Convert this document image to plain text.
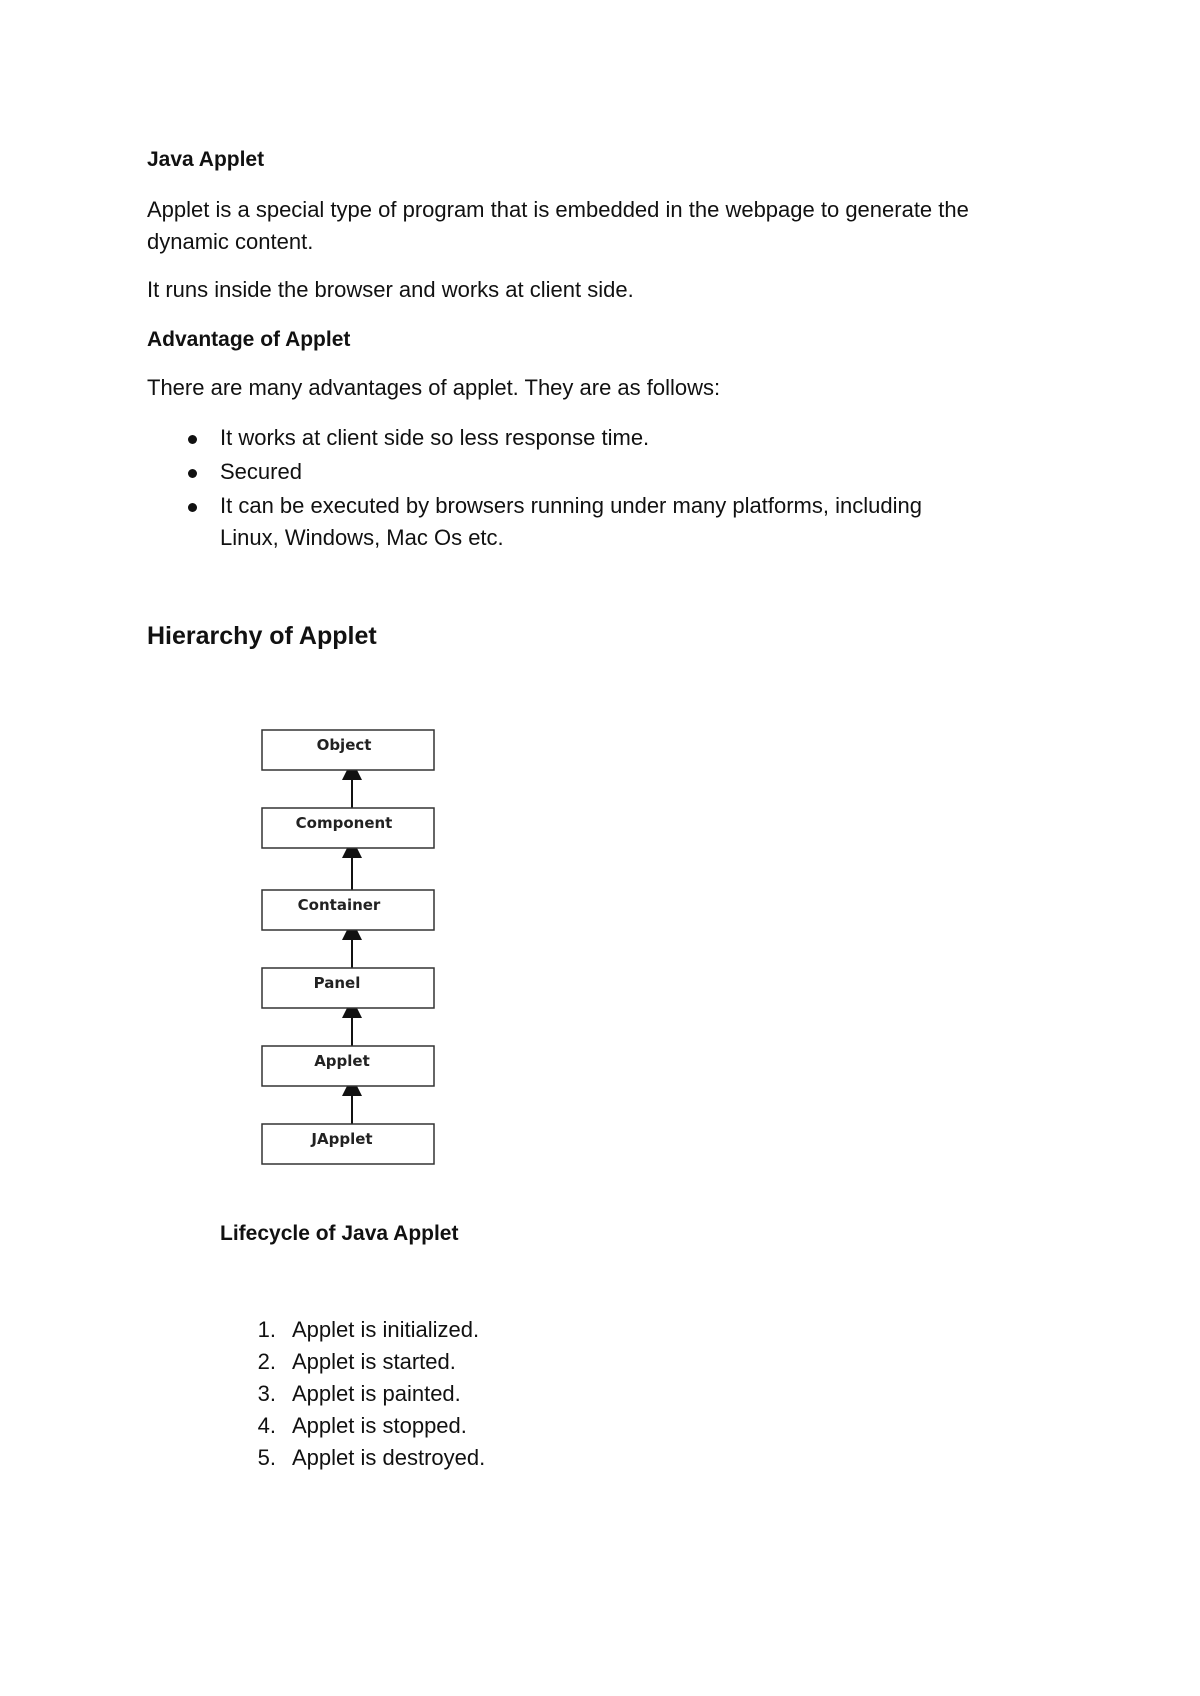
Java Applet

Applet is a special type of program that is embedded in the webpage to generate the

dynamic content.

It runs inside the browser and works at client side.

Advantage of Applet

There are many advantages of applet. They are as follows:

It works at client side so less response time.

Secured

It can be executed by browsers running under many platforms, including

Linux, Windows, Mac Os etc.

Hierarchy of Applet
Object
Component
Container
Panel
Applet
JApplet
Lifecycle of Java Applet
1. Applet is initialized.

2. Applet is started.

3. Applet is painted.

4. Applet is stopped.

5. Applet is destroyed.
